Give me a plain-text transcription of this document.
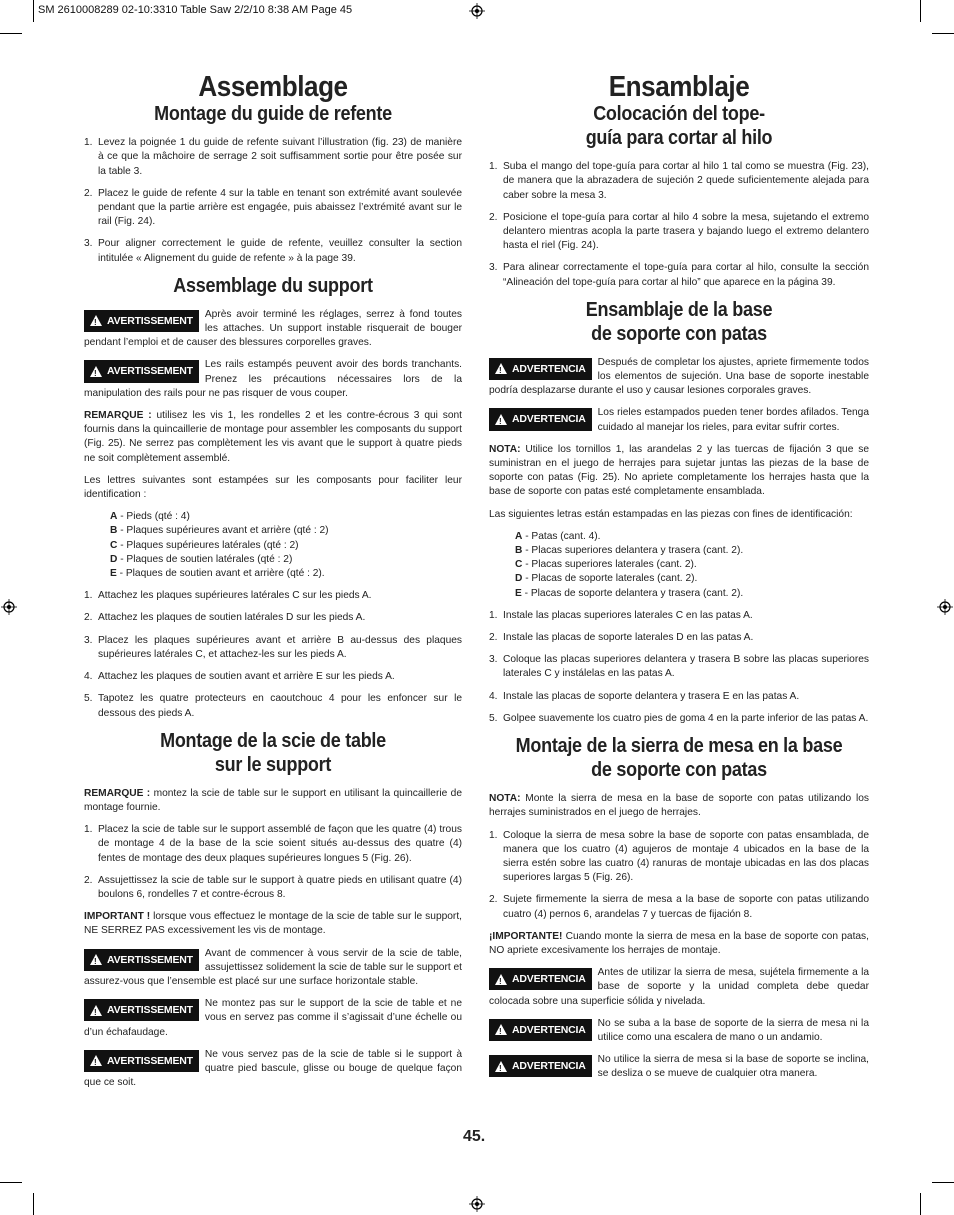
SM 2610008289 02-10:3310 Table Saw 2/2/10 8:38 AM Page 45
Assemblage
Montage du guide de refente
1. Levez la poignée 1 du guide de refente suivant l’illustration (fig. 23) de manière à ce que la mâchoire de serrage 2 soit suffisamment sortie pour être posée sur la table 3.
2. Placez le guide de refente 4 sur la table en tenant son extrémité avant soulevée pendant que la partie arrière est engagée, puis abaissez l’extrémité avant sur le rail (Fig. 24).
3. Pour aligner correctement le guide de refente, veuillez consulter la section intitulée « Alignement du guide de refente » à la page 39.
Assemblage du support
!
AVERTISSEMENT
Après avoir terminé les réglages, serrez à fond toutes les attaches. Un support instable risquerait de bouger pendant l’emploi et de causer des blessures corporelles graves.
!
AVERTISSEMENT
Les rails estampés peuvent avoir des bords tranchants. Prenez les précautions nécessaires lors de la manipulation des rails pour ne pas risquer de vous couper.

REMARQUE : utilisez les vis 1, les rondelles 2 et les contre-écrous 3 qui sont fournis dans la quincaillerie de montage pour assembler les composants du support (Fig. 25). Ne serrez pas complètement les vis avant que le support à quatre pieds ne soit complètement assemblé.

Les lettres suivantes sont estampées sur les composants pour faciliter leur identification :

A - Pieds (qté : 4)
B - Plaques supérieures avant et arrière (qté : 2)
C - Plaques supérieures latérales (qté : 2)
D - Plaques de soutien latérales (qté : 2)
E - Plaques de soutien avant et arrière (qté : 2).
1. Attachez les plaques supérieures latérales C sur les pieds A.
2. Attachez les plaques de soutien latérales D sur les pieds A.
3. Placez les plaques supérieures avant et arrière B au-dessus des plaques supérieures latérales C, et attachez-les sur les pieds A.
4. Attachez les plaques de soutien avant et arrière E sur les pieds A.
5. Tapotez les quatre protecteurs en caoutchouc 4 pour les enfoncer sur le dessous des pieds A.
Montage de la scie de table sur le support

REMARQUE : montez la scie de table sur le support en utilisant la quincaillerie de montage fournie.

1. Placez la scie de table sur le support assemblé de façon que les quatre (4) trous de montage 4 de la base de la scie soient situés au-dessus des quatre (4) fentes de montage des deux plaques supérieures longues 5 (Fig. 26).
2. Assujettissez la scie de table sur le support à quatre pieds en utilisant quatre (4) boulons 6, rondelles 7 et contre-écrous 8.

IMPORTANT ! lorsque vous effectuez le montage de la scie de table sur le support, NE SERREZ PAS excessivement les vis de montage.

!
AVERTISSEMENT
Avant de commencer à vous servir de la scie de table, assujettissez solidement la scie de table sur le support et assurez-vous que l’ensemble est placé sur une surface horizontale stable.
!
AVERTISSEMENT
Ne montez pas sur le support de la scie de table et ne vous en servez pas comme il s’agissait d’une échelle ou d’un échafaudage.
!
AVERTISSEMENT
Ne vous servez pas de la scie de table si le support à quatre pied bascule, glisse ou bouge de quelque façon que ce soit.
Ensamblaje
Colocación del tope-guía para cortar al hilo
1. Suba el mango del tope-guía para cortar al hilo 1 tal como se muestra (Fig. 23), de manera que la abrazadera de sujeción 2 quede suficientemente alejada para caber sobre la mesa 3.
2. Posicione el tope-guía para cortar al hilo 4 sobre la mesa, sujetando el extremo delantero mientras acopla la parte trasera y bajando luego el extremo delantero hasta el riel (Fig. 24).
3. Para alinear correctamente el tope-guía para cortar al hilo, consulte la sección “Alineación del tope-guía para cortar al hilo” que aparece en la página 39.
Ensamblaje de la base de soporte con patas
!
ADVERTENCIA
Después de completar los ajustes, apriete firmemente todos los elementos de sujeción. Una base de soporte inestable podría desplazarse durante el uso y causar lesiones corporales graves.
!
ADVERTENCIA
Los rieles estampados pueden tener bordes afilados. Tenga cuidado al manejar los rieles, para evitar sufrir cortes.

NOTA: Utilice los tornillos 1, las arandelas 2 y las tuercas de fijación 3 que se suministran en el juego de herrajes para sujetar juntas las piezas de la base de soporte con patas (Fig. 25). No apriete completamente los herrajes hasta que la base de soporte con patas esté completamente ensamblada.

Las siguientes letras están estampadas en las piezas con fines de identificación:

A - Patas (cant. 4).
B - Placas superiores delantera y trasera (cant. 2).
C - Placas superiores laterales (cant. 2).
D - Placas de soporte laterales (cant. 2).
E - Placas de soporte delantera y trasera (cant. 2).
1. Instale las placas superiores laterales C en las patas A.
2. Instale las placas de soporte laterales D en las patas A.
3. Coloque las placas superiores delantera y trasera B sobre las placas superiores laterales C y instálelas en las patas A.
4. Instale las placas de soporte delantera y trasera E en las patas A.
5. Golpee suavemente los cuatro pies de goma 4 en la parte inferior de las patas A.
Montaje de la sierra de mesa en la base de soporte con patas

NOTA: Monte la sierra de mesa en la base de soporte con patas utilizando los herrajes suministrados en el juego de herrajes.

1. Coloque la sierra de mesa sobre la base de soporte con patas ensamblada, de manera que los cuatro (4) agujeros de montaje 4 ubicados en la base de la sierra estén sobre las cuatro (4) ranuras de montaje ubicadas en las dos placas superiores largas 5 (Fig. 26).
2. Sujete firmemente la sierra de mesa a la base de soporte con patas utilizando cuatro (4) pernos 6, arandelas 7 y tuercas de fijación 8.

¡IMPORTANTE! Cuando monte la sierra de mesa en la base de soporte con patas, NO apriete excesivamente los herrajes de montaje.

!
ADVERTENCIA
Antes de utilizar la sierra de mesa, sujétela firmemente a la base de soporte y la unidad completa debe quedar colocada sobre una superficie sólida y nivelada.
!
ADVERTENCIA
No se suba a la base de soporte de la sierra de mesa ni la utilice como una escalera de mano o un andamio.
!
ADVERTENCIA
No utilice la sierra de mesa si la base de soporte se inclina, se desliza o se mueve de cualquier otra manera.
45.
